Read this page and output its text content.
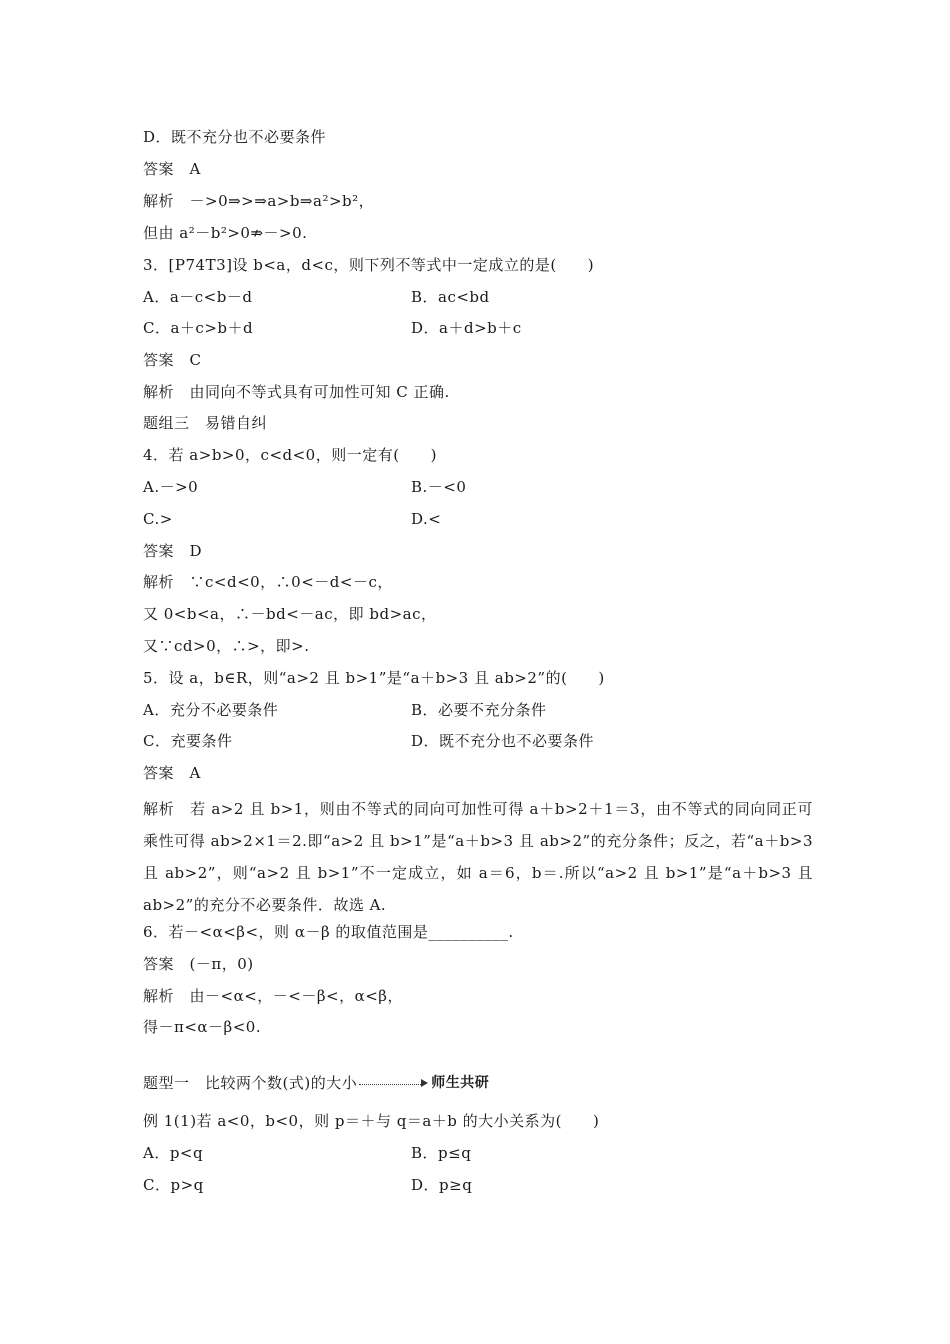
D．既不充分也不必要条件
答案　A
解析　－>0⇒>⇒a>b⇒a²>b²，
但由 a²－b²>0⇏－>0.
3．[P74T3]设 b<a，d<c，则下列不等式中一定成立的是(　　)
A．a－c<b－d	B．ac<bd
C．a＋c>b＋d	D．a＋d>b＋c
答案　C
解析　由同向不等式具有可加性可知 C 正确.
题组三　易错自纠
4．若 a>b>0，c<d<0，则一定有(　　)
A.－>0	B.－<0
C.>	D.<
答案　D
解析　∵c<d<0，∴0<－d<－c，
又 0<b<a，∴－bd<－ac，即 bd>ac，
又∵cd>0，∴>，即>.
5．设 a，b∈R，则“a>2 且 b>1”是“a＋b>3 且 ab>2”的(　　)
A．充分不必要条件	B．必要不充分条件
C．充要条件	D．既不充分也不必要条件
答案　A
解析　若 a>2 且 b>1，则由不等式的同向可加性可得 a＋b>2＋1＝3，由不等式的同向同正可乘性可得 ab>2×1＝2.即“a>2 且 b>1”是“a＋b>3 且 ab>2”的充分条件；反之，若“a＋b>3 且 ab>2”，则“a>2 且 b>1”不一定成立，如 a＝6，b＝.所以“a>2 且 b>1”是“a＋b>3 且 ab>2”的充分不必要条件．故选 A.
6．若－<α<β<，则 α－β 的取值范围是__________.
答案　(－π，0)
解析　由－<α<，－<－β<，α<β，
得－π<α－β<0.
题型一　比较两个数(式)的大小	师生共研
例 1(1)若 a<0，b<0，则 p＝＋与 q＝a＋b 的大小关系为(　　)
A．p<q	B．p≤q
C．p>q	D．p≥q
